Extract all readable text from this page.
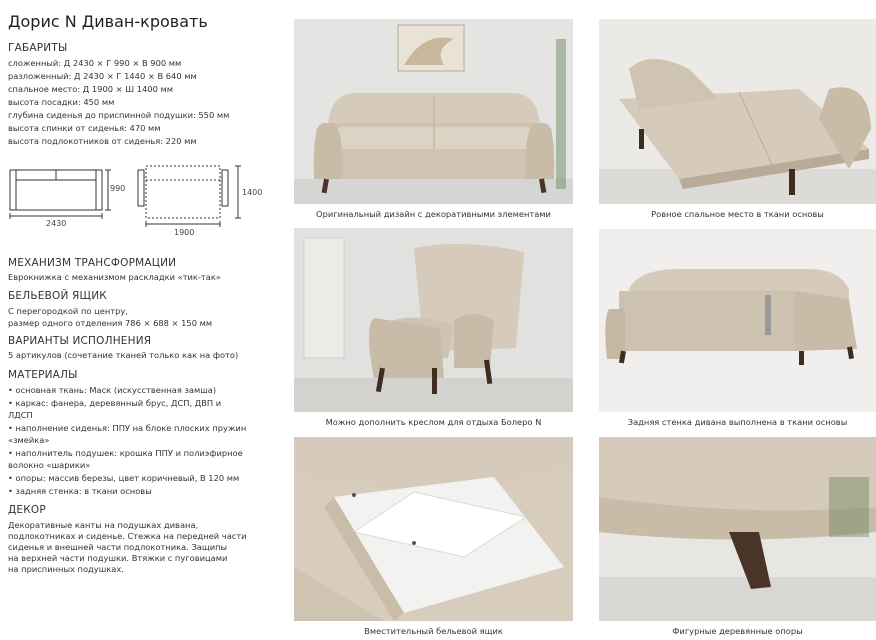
Дорис N Диван-кровать
ГАБАРИТЫ
сложенный: Д 2430 × Г 990 × В 900 мм
разложенный: Д 2430 × Г 1440 × В 640 мм
спальное место: Д 1900 × Ш 1400 мм
высота посадки: 450 мм
глубина сиденья до приспинной подушки: 550 мм
высота спинки от сиденья: 470 мм
высота подлокотников от сиденья: 220 мм
990
2430
1400
1900
МЕХАНИЗМ ТРАНСФОРМАЦИИ
Еврокнижка с механизмом раскладки «тик-так»
БЕЛЬЕВОЙ ЯЩИК
С перегородкой по центру,
размер одного отделения 786 × 688 × 150 мм
ВАРИАНТЫ ИСПОЛНЕНИЯ
5 артикулов (сочетание тканей только как на фото)
МАТЕРИАЛЫ
• основная ткань: Маск (искусственная замша)
• каркас: фанера, деревянный брус, ДСП, ДВП и
ЛДСП
• наполнение сиденья: ППУ на блоке плоских пружин
«змейка»
• наполнитель подушек: крошка ППУ и полиэфирное
волокно «шарики»
• опоры: массив березы, цвет коричневый, В 120 мм
• задняя стенка: в ткани основы
ДЕКОР
Декоративные канты на подушках дивана,
подлокотниках и сиденье. Стежка на передней части
сиденья и внешней части подлокотника. Защипы
на верхней части подушки. Втяжки с пуговицами
на приспинных подушках.
Оригинальный дизайн с декоративными элементами	Ровное спальное место в ткани основы
Можно дополнить креслом для отдыха Болеро N	Задняя стенка дивана выполнена в ткани основы
Вместительный бельевой ящик	Фигурные деревянные опоры
